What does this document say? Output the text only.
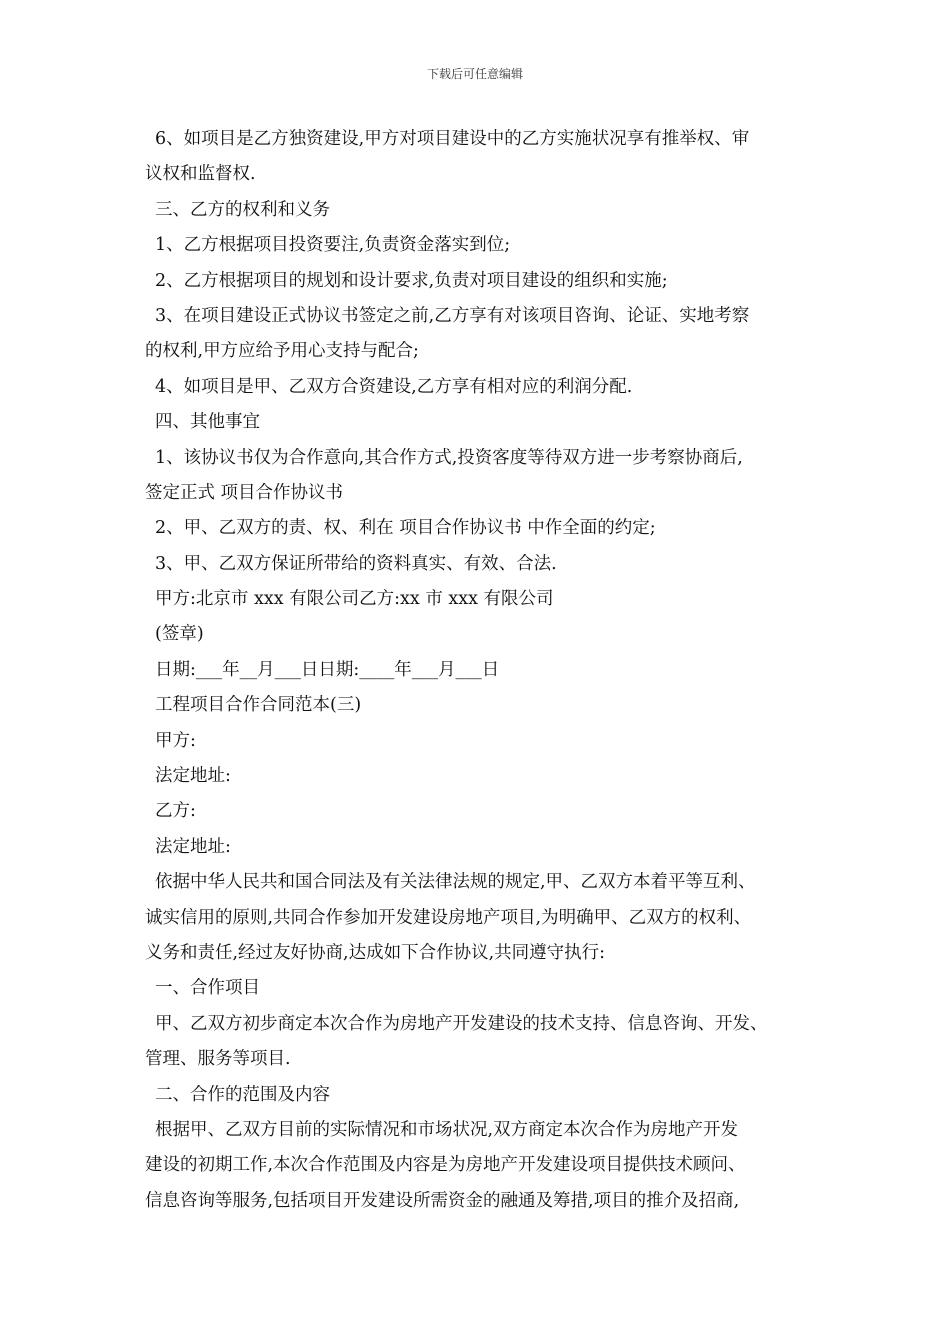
下载后可任意编辑
6、如项目是乙方独资建设,甲方对项目建设中的乙方实施状况享有推举权、审
议权和监督权.
三、乙方的权利和义务
1、乙方根据项目投资要注,负责资金落实到位;
2、乙方根据项目的规划和设计要求,负责对项目建设的组织和实施;
3、在项目建设正式协议书签定之前,乙方享有对该项目咨询、论证、实地考察
的权利,甲方应给予用心支持与配合;
4、如项目是甲、乙双方合资建设,乙方享有相对应的利润分配.
四、其他事宜
1、该协议书仅为合作意向,其合作方式,投资客度等待双方进一步考察协商后,
签定正式 项目合作协议书
2、甲、乙双方的责、权、利在 项目合作协议书 中作全面的约定;
3、甲、乙双方保证所带给的资料真实、有效、合法.
甲方:北京市 xxx 有限公司乙方:xx 市 xxx 有限公司
(签章)
日期:___年__月___日日期:____年___月___日
工程项目合作合同范本(三)
甲方:
法定地址:
乙方:
法定地址:
依据中华人民共和国合同法及有关法律法规的规定,甲、乙双方本着平等互利、
诚实信用的原则,共同合作参加开发建设房地产项目,为明确甲、乙双方的权利、
义务和责任,经过友好协商,达成如下合作协议,共同遵守执行:
一、合作项目
甲、乙双方初步商定本次合作为房地产开发建设的技术支持、信息咨询、开发、
管理、服务等项目.
二、合作的范围及内容
根据甲、乙双方目前的实际情况和市场状况,双方商定本次合作为房地产开发
建设的初期工作,本次合作范围及内容是为房地产开发建设项目提供技术顾问、
信息咨询等服务,包括项目开发建设所需资金的融通及筹措,项目的推介及招商,
